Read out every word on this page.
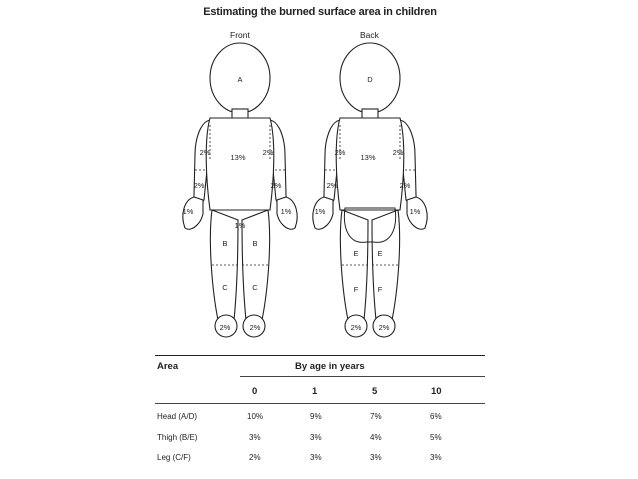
Estimating the burned surface area in children
Front	Back
A
13%
2%	2%
2%	2%
1%	1%
1%
B	B
C	C
2%	2%
D
13%
2%	2%
2%	2%
1%	1%
E	E
F	F
2% 2%
Area	By age in years
0	1	5	10
Head (A/D)	10%	9%	7%	6%
Thigh (B/E)	3%	3%	4%	5%
Leg (C/F)	2%	3%	3%	3%
